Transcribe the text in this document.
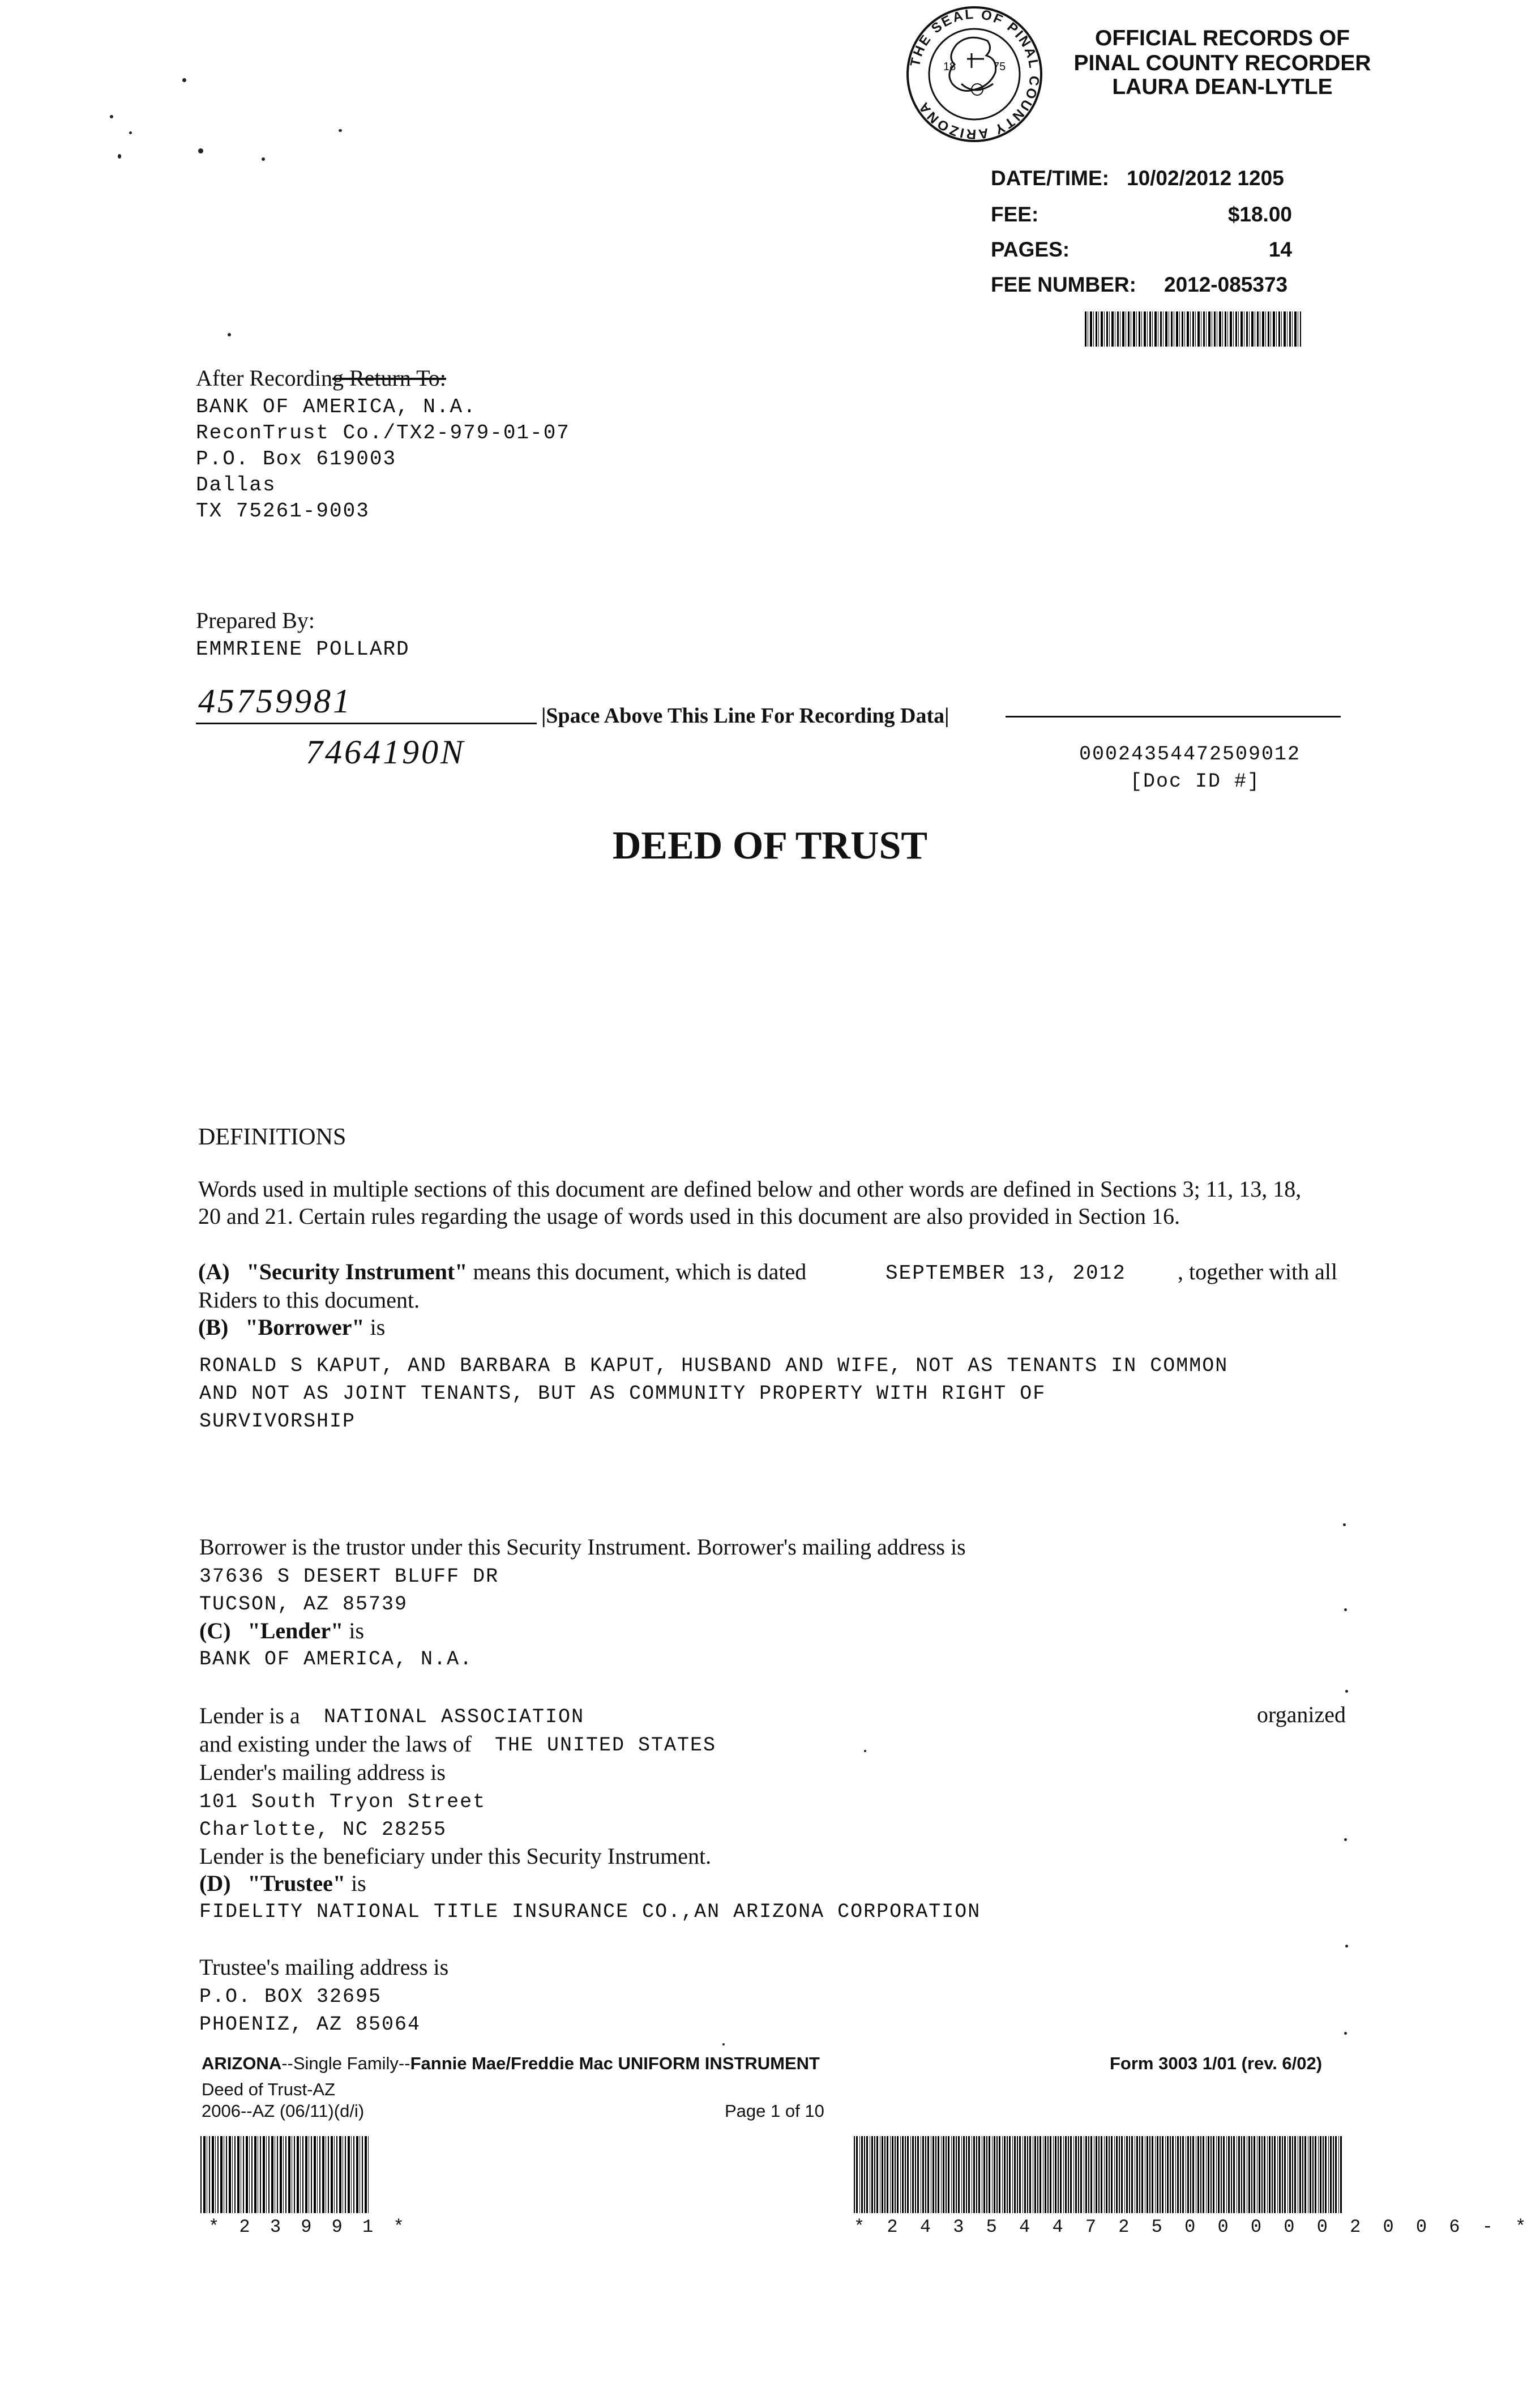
THE SEAL OF PINAL COUNTY ARIZONA
18	75
OFFICIAL RECORDS OF
PINAL COUNTY RECORDER
LAURA DEAN-LYTLE
DATE/TIME: 10/02/2012 1205
FEE:	$18.00
PAGES:	14
FEE NUMBER: 2012-085373
After Recording Return To:
BANK OF AMERICA, N.A.
ReconTrust Co./TX2-979-01-07
P.O. Box 619003
Dallas
TX 75261-9003
Prepared By:
EMMRIENE POLLARD
45759981
7464190N
|Space Above This Line For Recording Data|
00024354472509012
[Doc ID #]
DEED OF TRUST
DEFINITIONS
Words used in multiple sections of this document are defined below and other words are defined in Sections 3; 11, 13, 18,
20 and 21. Certain rules regarding the usage of words used in this document are also provided in Section 16.
(A) "Security Instrument" means this document, which is dated	SEPTEMBER 13, 2012 , together with all
Riders to this document.
(B) "Borrower" is
RONALD S KAPUT, AND BARBARA B KAPUT, HUSBAND AND WIFE, NOT AS TENANTS IN COMMON
AND NOT AS JOINT TENANTS, BUT AS COMMUNITY PROPERTY WITH RIGHT OF
SURVIVORSHIP
Borrower is the trustor under this Security Instrument. Borrower's mailing address is
37636 S DESERT BLUFF DR
TUCSON, AZ 85739
(C) "Lender" is
BANK OF AMERICA, N.A.
Lender is a NATIONAL ASSOCIATION	organized
and existing under the laws of THE UNITED STATES
Lender's mailing address is
101 South Tryon Street
Charlotte, NC 28255
Lender is the beneficiary under this Security Instrument.
(D) "Trustee" is
FIDELITY NATIONAL TITLE INSURANCE CO.,AN ARIZONA CORPORATION
Trustee's mailing address is
P.O. BOX 32695
PHOENIZ, AZ 85064
ARIZONA--Single Family--Fannie Mae/Freddie Mac UNIFORM INSTRUMENT	Form 3003 1/01 (rev. 6/02)
Deed of Trust-AZ
2006--AZ (06/11)(d/i)	Page 1 of 10
* 2 3 9 9 1 *	* 2 4 3 5 4 4 7 2 5 0 0 0 0 0 2 0 0 6 - *
